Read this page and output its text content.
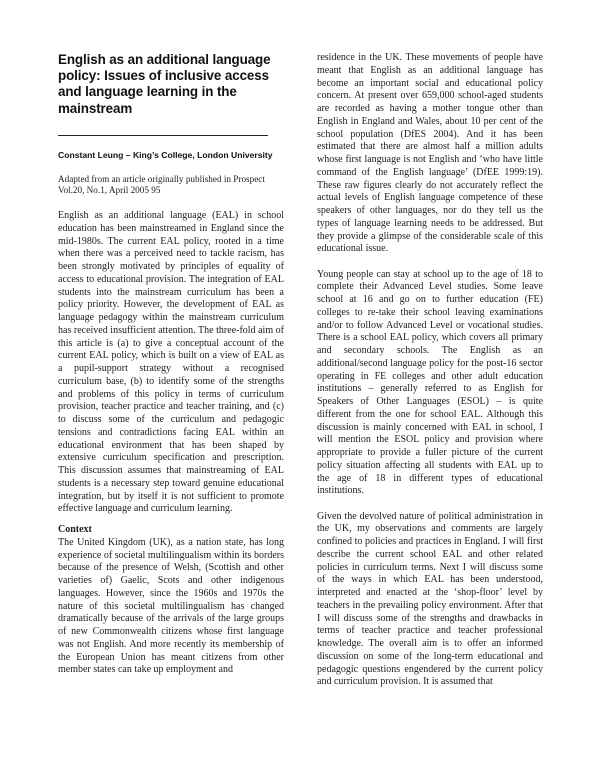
English as an additional language policy: Issues of inclusive access and language learning in the mainstream
Constant Leung – King’s College, London University
Adapted from an article originally published in Prospect Vol.20, No.1, April 2005 95

English as an additional language (EAL) in school education has been mainstreamed in England since the mid-1980s. The current EAL policy, rooted in a time when there was a perceived need to tackle racism, has been strongly motivated by principles of equality of access to educational provision. The integration of EAL students into the mainstream curriculum has been a policy priority. However, the development of EAL as language pedagogy within the mainstream curriculum has received insufficient attention. The three-fold aim of this article is (a) to give a conceptual account of the current EAL policy, which is built on a view of EAL as a pupil-support strategy without a recognised curriculum base, (b) to identify some of the strengths and problems of this policy in terms of curriculum provision, teacher practice and teacher training, and (c) to discuss some of the curriculum and pedagogic tensions and contradictions facing EAL within an educational environment that has been shaped by extensive curriculum specification and prescription. This discussion assumes that mainstreaming of EAL students is a necessary step toward genuine educational integration, but by itself it is not sufficient to promote effective language and curriculum learning.

Context

The United Kingdom (UK), as a nation state, has long experience of societal multilingualism within its borders because of the presence of Welsh, (Scottish and other varieties of) Gaelic, Scots and other indigenous languages. However, since the 1960s and 1970s the nature of this societal multilingualism has changed dramatically because of the arrivals of the large groups of new Commonwealth citizens whose first language was not English. And more recently its membership of the European Union has meant citizens from other member states can take up employment and

residence in the UK. These movements of people have meant that English as an additional language has become an important social and educational policy concern. At present over 659,000 school-aged students are recorded as having a mother tongue other than English in England and Wales, about 10 per cent of the school population (DfES 2004). And it has been estimated that there are almost half a million adults whose first language is not English and ‘who have little command of the English language’ (DfEE 1999:19). These raw figures clearly do not accurately reflect the actual levels of English language competence of these speakers of other languages, nor do they tell us the types of language learning needs to be addressed. But they provide a glimpse of the considerable scale of this educational issue.

Young people can stay at school up to the age of 18 to complete their Advanced Level studies. Some leave school at 16 and go on to further education (FE) colleges to re-take their school leaving examinations and/or to follow Advanced Level or vocational studies. There is a school EAL policy, which covers all primary and secondary schools. The English as an additional/second language policy for the post-16 sector operating in FE colleges and other adult education institutions – generally referred to as English for Speakers of Other Languages (ESOL) – is quite different from the one for school EAL. Although this discussion is mainly concerned with EAL in school, I will mention the ESOL policy and provision where appropriate to provide a fuller picture of the current policy situation affecting all students with EAL up to the age of 18 in different types of educational institutions.

Given the devolved nature of political administration in the UK, my observations and comments are largely confined to policies and practices in England. I will first describe the current school EAL and other related policies in curriculum terms. Next I will discuss some of the ways in which EAL has been understood, interpreted and enacted at the ‘shop-floor’ level by teachers in the prevailing policy environment. After that I will discuss some of the strengths and drawbacks in terms of teacher practice and teacher professional knowledge. The overall aim is to offer an informed discussion on some of the long-term educational and pedagogic questions engendered by the current policy and curriculum provision. It is assumed that
